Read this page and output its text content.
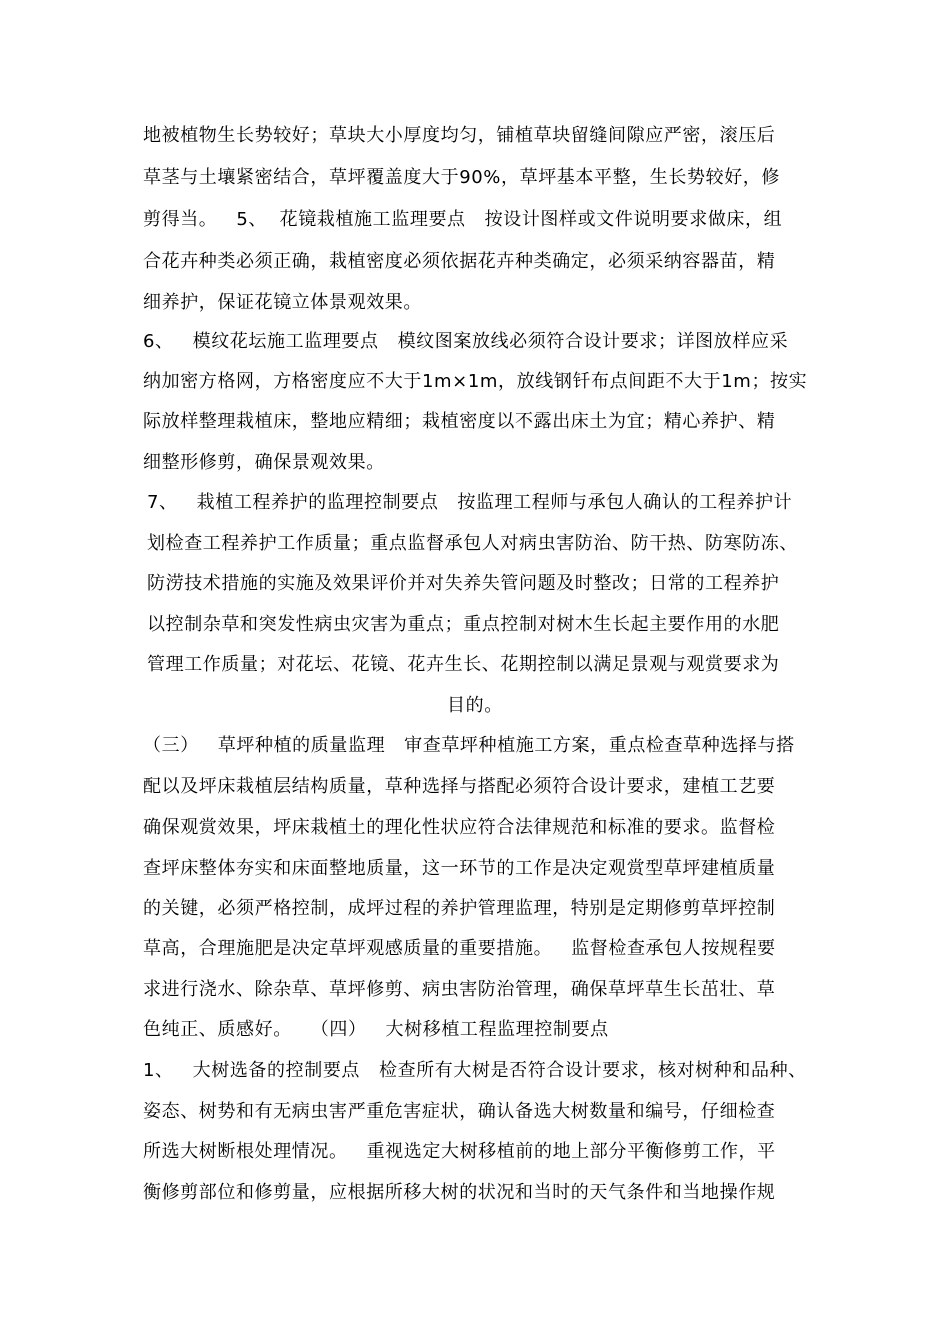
地被植物生长势较好；草块大小厚度均匀，铺植草块留缝间隙应严密，滚压后
草茎与土壤紧密结合，草坪覆盖度大于90%，草坪基本平整，生长势较好，修
剪得当。   5、  花镜栽植施工监理要点   按设计图样或文件说明要求做床，组
合花卉种类必须正确，栽植密度必须依据花卉种类确定，必须采纳容器苗，精
细养护，保证花镜立体景观效果。
6、   模纹花坛施工监理要点   模纹图案放线必须符合设计要求；详图放样应采
纳加密方格网，方格密度应不大于1m×1m，放线钢钎布点间距不大于1m；按实
际放样整理栽植床，整地应精细；栽植密度以不露出床土为宜；精心养护、精
细整形修剪，确保景观效果。
7、   栽植工程养护的监理控制要点   按监理工程师与承包人确认的工程养护计
划检查工程养护工作质量；重点监督承包人对病虫害防治、防干热、防寒防冻、
防涝技术措施的实施及效果评价并对失养失管问题及时整改；日常的工程养护
以控制杂草和突发性病虫灾害为重点；重点控制对树木生长起主要作用的水肥
管理工作质量；对花坛、花镜、花卉生长、花期控制以满足景观与观赏要求为
目的。
（三）   草坪种植的质量监理   审查草坪种植施工方案，重点检查草种选择与搭
配以及坪床栽植层结构质量，草种选择与搭配必须符合设计要求，建植工艺要
确保观赏效果，坪床栽植土的理化性状应符合法律规范和标准的要求。监督检
查坪床整体夯实和床面整地质量，这一环节的工作是决定观赏型草坪建植质量
的关键，必须严格控制，成坪过程的养护管理监理，特别是定期修剪草坪控制
草高，合理施肥是决定草坪观感质量的重要措施。   监督检查承包人按规程要
求进行浇水、除杂草、草坪修剪、病虫害防治管理，确保草坪草生长茁壮、草
色纯正、质感好。   （四）   大树移植工程监理控制要点
1、   大树选备的控制要点   检查所有大树是否符合设计要求，核对树种和品种、
姿态、树势和有无病虫害严重危害症状，确认备选大树数量和编号，仔细检查
所选大树断根处理情况。   重视选定大树移植前的地上部分平衡修剪工作，平
衡修剪部位和修剪量，应根据所移大树的状况和当时的天气条件和当地操作规
